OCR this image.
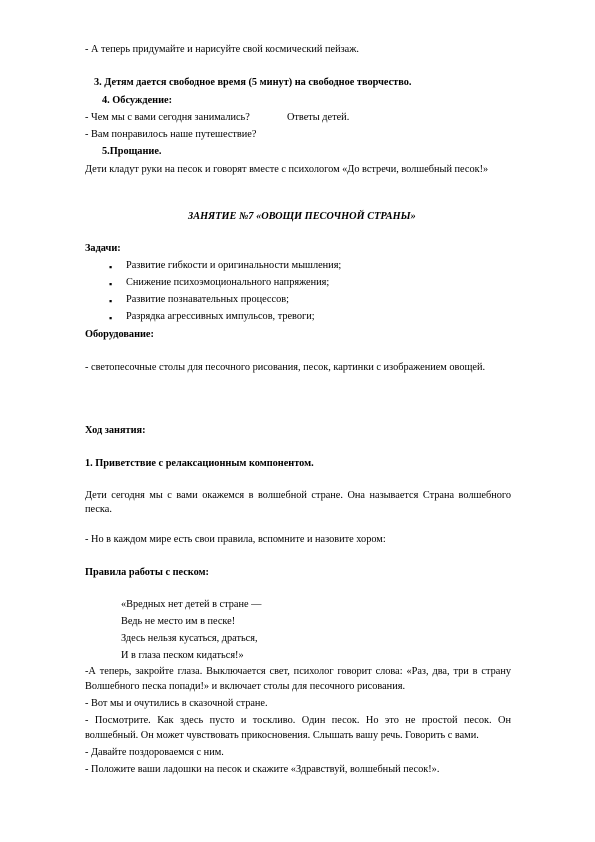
- А теперь придумайте и нарисуйте свой космический пейзаж.
3. Детям дается свободное время (5 минут) на свободное творчество.
4. Обсуждение:
- Чем мы с вами сегодня занимались?	Ответы детей.
- Вам понравилось наше путешествие?
5.Прощание.
Дети кладут руки на песок и говорят вместе с психологом «До встречи, волшебный песок!»
ЗАНЯТИЕ №7 «ОВОЩИ ПЕСОЧНОЙ СТРАНЫ»
Задачи:
▪ Развитие гибкости и оригинальности мышления;
▪ Снижение психоэмоционального напряжения;
▪ Развитие познавательных процессов;
▪ Разрядка агрессивных импульсов, тревоги;
Оборудование:
- светопесочные столы для песочного рисования, песок, картинки с изображением овощей.
Ход занятия:
1. Приветствие с релаксационным компонентом.
Дети сегодня мы с вами окажемся в волшебной стране. Она называется Страна волшебного
песка.
- Но в каждом мире есть свои правила, вспомните и назовите хором:
Правила работы с песком:
«Вредных нет детей в стране —
Ведь не место им в песке!
Здесь нельзя кусаться, драться,
И в глаза песком кидаться!»
-А теперь, закройте глаза. Выключается свет, психолог говорит слова: «Раз, два, три в страну
Волшебного песка попади!» и включает столы для песочного рисования.
- Вот мы и очутились в сказочной стране.
- Посмотрите. Как здесь пусто и тоскливо. Один песок. Но это не простой песок. Он
волшебный. Он может чувствовать прикосновения. Слышать вашу речь. Говорить с вами.
- Давайте поздороваемся с ним.
- Положите ваши ладошки на песок и скажите «Здравствуй, волшебный песок!».
